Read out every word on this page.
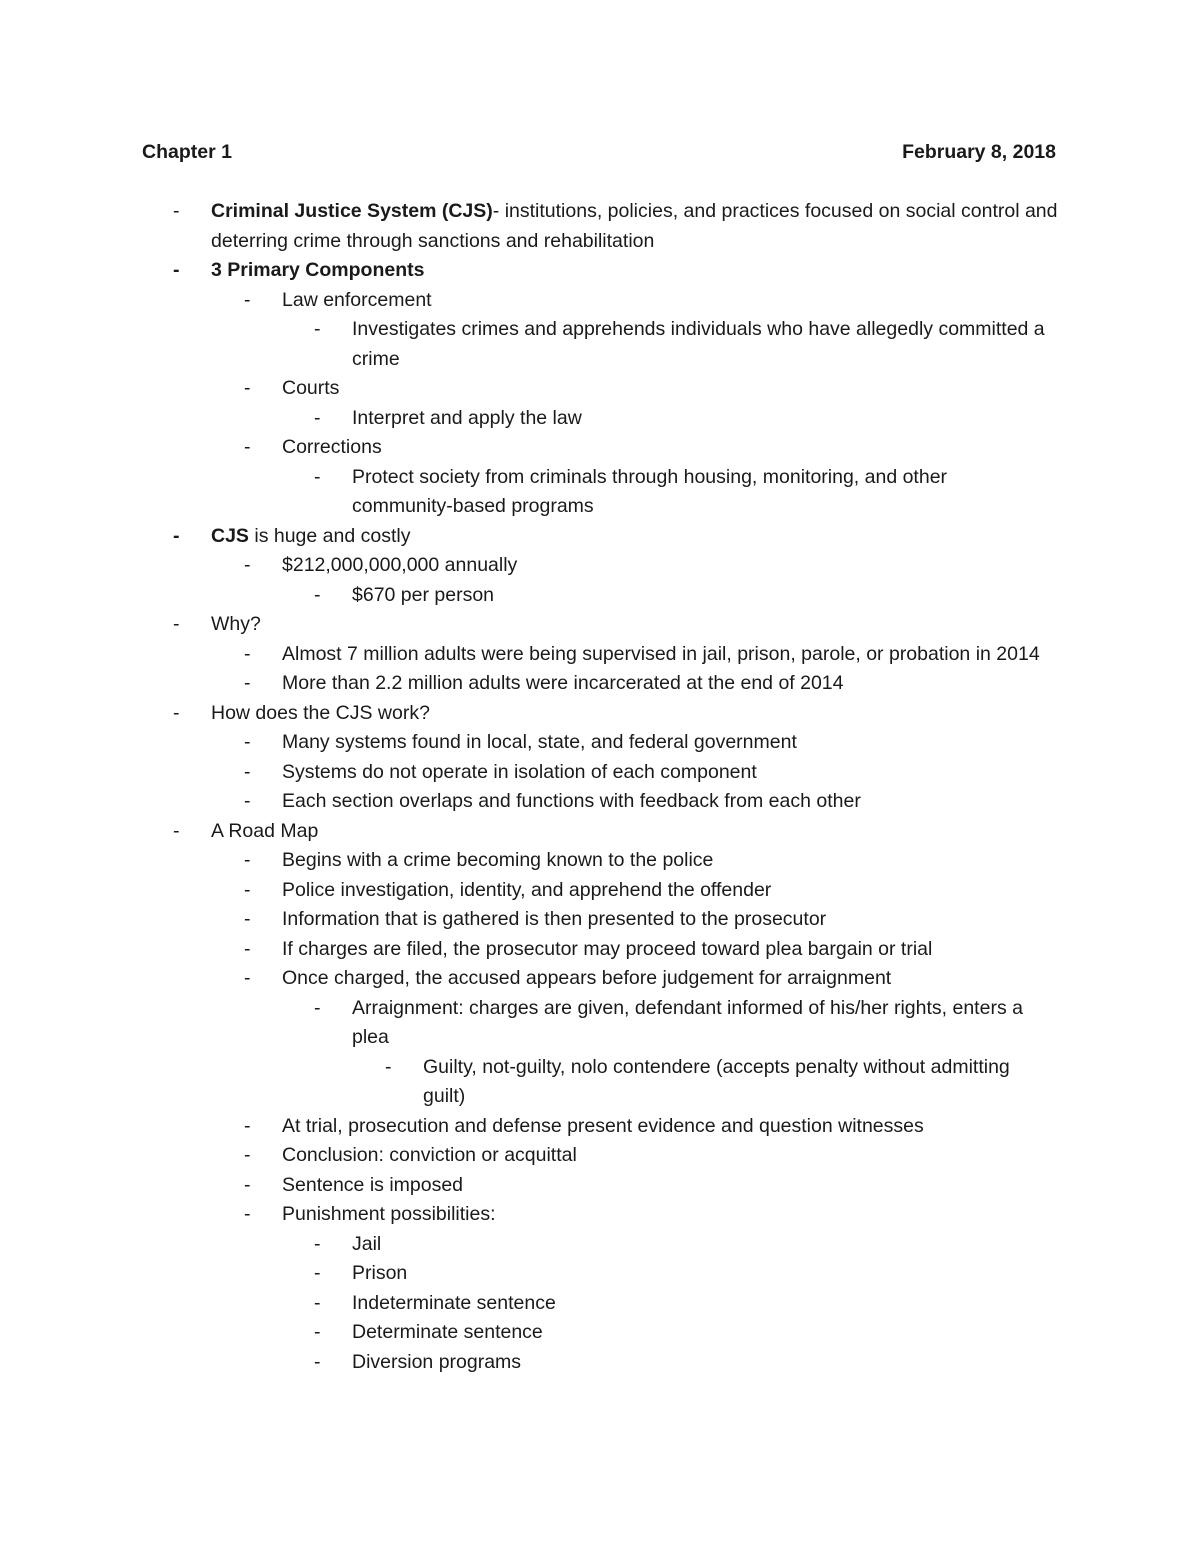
Chapter 1	February 8, 2018
- Criminal Justice System (CJS)- institutions, policies, and practices focused on social control and deterring crime through sanctions and rehabilitation
- 3 Primary Components
- Law enforcement
- Investigates crimes and apprehends individuals who have allegedly committed a crime
- Courts
- Interpret and apply the law
- Corrections
- Protect society from criminals through housing, monitoring, and other community-based programs
- CJS is huge and costly
- $212,000,000,000 annually
- $670 per person
- Why?
- Almost 7 million adults were being supervised in jail, prison, parole, or probation in 2014
- More than 2.2 million adults were incarcerated at the end of 2014
- How does the CJS work?
- Many systems found in local, state, and federal government
- Systems do not operate in isolation of each component
- Each section overlaps and functions with feedback from each other
- A Road Map
- Begins with a crime becoming known to the police
- Police investigation, identity, and apprehend the offender
- Information that is gathered is then presented to the prosecutor
- If charges are filed, the prosecutor may proceed toward plea bargain or trial
- Once charged, the accused appears before judgement for arraignment
- Arraignment: charges are given, defendant informed of his/her rights, enters a plea
- Guilty, not-guilty, nolo contendere (accepts penalty without admitting guilt)
- At trial, prosecution and defense present evidence and question witnesses
- Conclusion: conviction or acquittal
- Sentence is imposed
- Punishment possibilities:
- Jail
- Prison
- Indeterminate sentence
- Determinate sentence
- Diversion programs
